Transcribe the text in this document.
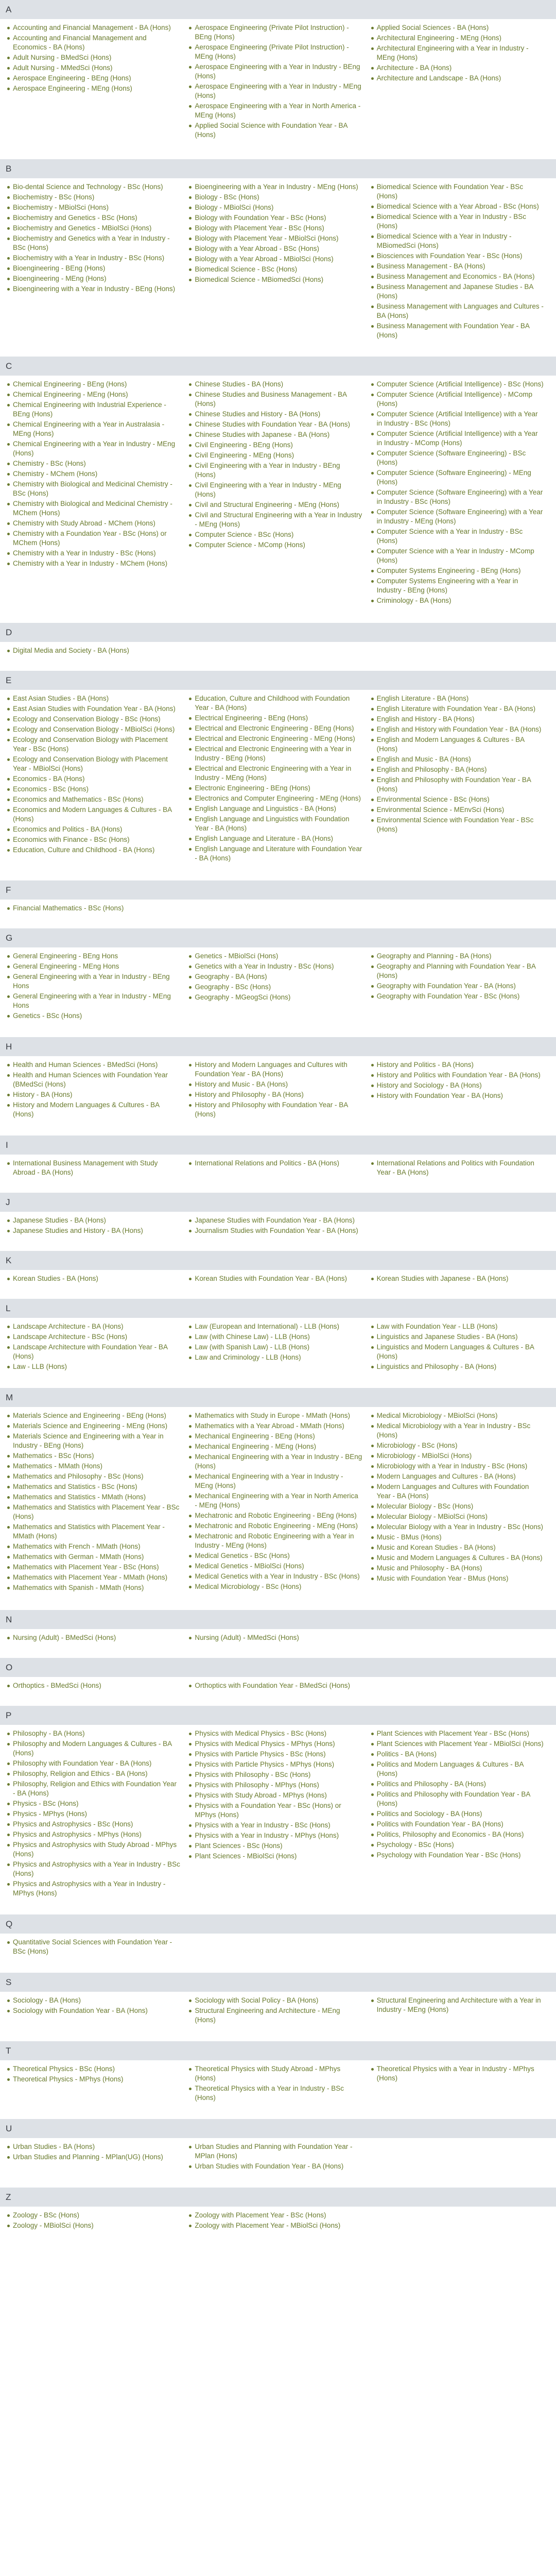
A
Accounting and Financial Management - BA (Hons)
Accounting and Financial Management and Economics - BA (Hons)
Adult Nursing - BMedSci (Hons)
Adult Nursing - MMedSci (Hons)
Aerospace Engineering - BEng (Hons)
Aerospace Engineering - MEng (Hons)
Aerospace Engineering (Private Pilot Instruction) - BEng (Hons)
Aerospace Engineering (Private Pilot Instruction) - MEng (Hons)
Aerospace Engineering with a Year in Industry - BEng (Hons)
Aerospace Engineering with a Year in Industry - MEng (Hons)
Aerospace Engineering with a Year in North America - MEng (Hons)
Applied Social Science with Foundation Year - BA (Hons)
Applied Social Sciences - BA (Hons)
Architectural Engineering - MEng (Hons)
Architectural Engineering with a Year in Industry - MEng (Hons)
Architecture - BA (Hons)
Architecture and Landscape - BA (Hons)
B
Bio-dental Science and Technology - BSc (Hons)
Biochemistry - BSc (Hons)
Biochemistry - MBiolSci (Hons)
Biochemistry and Genetics - BSc (Hons)
Biochemistry and Genetics - MBiolSci (Hons)
Biochemistry and Genetics with a Year in Industry - BSc (Hons)
Biochemistry with a Year in Industry - BSc (Hons)
Bioengineering - BEng (Hons)
Bioengineering - MEng (Hons)
Bioengineering with a Year in Industry - BEng (Hons)
Bioengineering with a Year in Industry - MEng (Hons)
Biology - BSc (Hons)
Biology - MBiolSci (Hons)
Biology with Foundation Year - BSc (Hons)
Biology with Placement Year - BSc (Hons)
Biology with Placement Year - MBiolSci (Hons)
Biology with a Year Abroad - BSc (Hons)
Biology with a Year Abroad - MBiolSci (Hons)
Biomedical Science - BSc (Hons)
Biomedical Science - MBiomedSci (Hons)
Biomedical Science with Foundation Year - BSc (Hons)
Biomedical Science with a Year Abroad - BSc (Hons)
Biomedical Science with a Year in Industry - BSc (Hons)
Biomedical Science with a Year in Industry - MBiomedSci (Hons)
Biosciences with Foundation Year - BSc (Hons)
Business Management - BA (Hons)
Business Management and Economics - BA (Hons)
Business Management and Japanese Studies - BA (Hons)
Business Management with Languages and Cultures - BA (Hons)
Business Management with Foundation Year - BA (Hons)
C
Chemical Engineering - BEng (Hons)
Chemical Engineering - MEng (Hons)
Chemical Engineering with Industrial Experience - BEng (Hons)
Chemical Engineering with a Year in Australasia - MEng (Hons)
Chemical Engineering with a Year in Industry - MEng (Hons)
Chemistry - BSc (Hons)
Chemistry - MChem (Hons)
Chemistry with Biological and Medicinal Chemistry - BSc (Hons)
Chemistry with Biological and Medicinal Chemistry - MChem (Hons)
Chemistry with Study Abroad - MChem (Hons)
Chemistry with a Foundation Year - BSc (Hons) or MChem (Hons)
Chemistry with a Year in Industry - BSc (Hons)
Chemistry with a Year in Industry - MChem (Hons)
Chinese Studies - BA (Hons)
Chinese Studies and Business Management - BA (Hons)
Chinese Studies and History - BA (Hons)
Chinese Studies with Foundation Year - BA (Hons)
Chinese Studies with Japanese - BA (Hons)
Civil Engineering - BEng (Hons)
Civil Engineering - MEng (Hons)
Civil Engineering with a Year in Industry - BEng (Hons)
Civil Engineering with a Year in Industry - MEng (Hons)
Civil and Structural Engineering - MEng (Hons)
Civil and Structural Engineering with a Year in Industry - MEng (Hons)
Computer Science - BSc (Hons)
Computer Science - MComp (Hons)
Computer Science (Artificial Intelligence) - BSc (Hons)
Computer Science (Artificial Intelligence) - MComp (Hons)
Computer Science (Artificial Intelligence) with a Year in Industry - BSc (Hons)
Computer Science (Artificial Intelligence) with a Year in Industry - MComp (Hons)
Computer Science (Software Engineering) - BSc (Hons)
Computer Science (Software Engineering) - MEng (Hons)
Computer Science (Software Engineering) with a Year in Industry - BSc (Hons)
Computer Science (Software Engineering) with a Year in Industry - MEng (Hons)
Computer Science with a Year in Industry - BSc (Hons)
Computer Science with a Year in Industry - MComp (Hons)
Computer Systems Engineering - BEng (Hons)
Computer Systems Engineering with a Year in Industry - BEng (Hons)
Criminology - BA (Hons)
D
Digital Media and Society - BA (Hons)
E
East Asian Studies - BA (Hons)
East Asian Studies with Foundation Year - BA (Hons)
Ecology and Conservation Biology - BSc (Hons)
Ecology and Conservation Biology - MBiolSci (Hons)
Ecology and Conservation Biology with Placement Year - BSc (Hons)
Ecology and Conservation Biology with Placement Year - MBiolSci (Hons)
Economics - BA (Hons)
Economics - BSc (Hons)
Economics and Mathematics - BSc (Hons)
Economics and Modern Languages & Cultures - BA (Hons)
Economics and Politics - BA (Hons)
Economics with Finance - BSc (Hons)
Education, Culture and Childhood - BA (Hons)
Education, Culture and Childhood with Foundation Year - BA (Hons)
Electrical Engineering - BEng (Hons)
Electrical and Electronic Engineering - BEng (Hons)
Electrical and Electronic Engineering - MEng (Hons)
Electrical and Electronic Engineering with a Year in Industry - BEng (Hons)
Electrical and Electronic Engineering with a Year in Industry - MEng (Hons)
Electronic Engineering - BEng (Hons)
Electronics and Computer Engineering - MEng (Hons)
English Language and Linguistics - BA (Hons)
English Language and Linguistics with Foundation Year - BA (Hons)
English Language and Literature - BA (Hons)
English Language and Literature with Foundation Year - BA (Hons)
English Literature - BA (Hons)
English Literature with Foundation Year - BA (Hons)
English and History - BA (Hons)
English and History with Foundation Year - BA (Hons)
English and Modern Languages & Cultures - BA (Hons)
English and Music - BA (Hons)
English and Philosophy - BA (Hons)
English and Philosophy with Foundation Year - BA (Hons)
Environmental Science - BSc (Hons)
Environmental Science - MEnvSci (Hons)
Environmental Science with Foundation Year - BSc (Hons)
F
Financial Mathematics - BSc (Hons)
G
General Engineering - BEng Hons
General Engineering - MEng Hons
General Engineering with a Year in Industry - BEng Hons
General Engineering with a Year in Industry - MEng Hons
Genetics - BSc (Hons)
Genetics - MBiolSci (Hons)
Genetics with a Year in Industry - BSc (Hons)
Geography - BA (Hons)
Geography - BSc (Hons)
Geography - MGeogSci (Hons)
Geography and Planning - BA (Hons)
Geography and Planning with Foundation Year - BA (Hons)
Geography with Foundation Year - BA (Hons)
Geography with Foundation Year - BSc (Hons)
H
Health and Human Sciences - BMedSci (Hons)
Health and Human Sciences with Foundation Year (BMedSci (Hons)
History - BA (Hons)
History and Modern Languages & Cultures - BA (Hons)
History and Modern Languages and Cultures with Foundation Year - BA (Hons)
History and Music - BA (Hons)
History and Philosophy - BA (Hons)
History and Philosophy with Foundation Year - BA (Hons)
History and Politics - BA (Hons)
History and Politics with Foundation Year - BA (Hons)
History and Sociology - BA (Hons)
History with Foundation Year - BA (Hons)
I
International Business Management with Study Abroad - BA (Hons)
International Relations and Politics - BA (Hons)	International Relations and Politics with Foundation Year - BA (Hons)
J
Japanese Studies - BA (Hons)
Japanese Studies and History - BA (Hons)
Japanese Studies with Foundation Year - BA (Hons)
Journalism Studies with Foundation Year - BA (Hons)
K
Korean Studies - BA (Hons)	Korean Studies with Foundation Year - BA (Hons)	Korean Studies with Japanese - BA (Hons)
L
Landscape Architecture - BA (Hons)
Landscape Architecture - BSc (Hons)
Landscape Architecture with Foundation Year - BA (Hons)
Law - LLB (Hons)
Law (European and International) - LLB (Hons)
Law (with Chinese Law) - LLB (Hons)
Law (with Spanish Law) - LLB (Hons)
Law and Criminology - LLB (Hons)
Law with Foundation Year - LLB (Hons)
Linguistics and Japanese Studies - BA (Hons)
Linguistics and Modern Languages & Cultures - BA (Hons)
Linguistics and Philosophy - BA (Hons)
M
Materials Science and Engineering - BEng (Hons)
Materials Science and Engineering - MEng (Hons)
Materials Science and Engineering with a Year in Industry - BEng (Hons)
Mathematics - BSc (Hons)
Mathematics - MMath (Hons)
Mathematics and Philosophy - BSc (Hons)
Mathematics and Statistics - BSc (Hons)
Mathematics and Statistics - MMath (Hons)
Mathematics and Statistics with Placement Year - BSc (Hons)
Mathematics and Statistics with Placement Year - MMath (Hons)
Mathematics with French - MMath (Hons)
Mathematics with German - MMath (Hons)
Mathematics with Placement Year - BSc (Hons)
Mathematics with Placement Year - MMath (Hons)
Mathematics with Spanish - MMath (Hons)
Mathematics with Study in Europe - MMath (Hons)
Mathematics with a Year Abroad - MMath (Hons)
Mechanical Engineering - BEng (Hons)
Mechanical Engineering - MEng (Hons)
Mechanical Engineering with a Year in Industry - BEng (Hons)
Mechanical Engineering with a Year in Industry - MEng (Hons)
Mechanical Engineering with a Year in North America - MEng (Hons)
Mechatronic and Robotic Engineering - BEng (Hons)
Mechatronic and Robotic Engineering - MEng (Hons)
Mechatronic and Robotic Engineering with a Year in Industry - MEng (Hons)
Medical Genetics - BSc (Hons)
Medical Genetics - MBiolSci (Hons)
Medical Genetics with a Year in Industry - BSc (Hons)
Medical Microbiology - BSc (Hons)
Medical Microbiology - MBiolSci (Hons)
Medical Microbiology with a Year in Industry - BSc (Hons)
Microbiology - BSc (Hons)
Microbiology - MBiolSci (Hons)
Microbiology with a Year in Industry - BSc (Hons)
Modern Languages and Cultures - BA (Hons)
Modern Languages and Cultures with Foundation Year - BA (Hons)
Molecular Biology - BSc (Hons)
Molecular Biology - MBiolSci (Hons)
Molecular Biology with a Year in Industry - BSc (Hons)
Music - BMus (Hons)
Music and Korean Studies - BA (Hons)
Music and Modern Languages & Cultures - BA (Hons)
Music and Philosophy - BA (Hons)
Music with Foundation Year - BMus (Hons)
N
Nursing (Adult) - BMedSci (Hons)	Nursing (Adult) - MMedSci (Hons)
O
Orthoptics - BMedSci (Hons)	Orthoptics with Foundation Year - BMedSci (Hons)
P
Philosophy - BA (Hons)
Philosophy and Modern Languages & Cultures - BA (Hons)
Philosophy with Foundation Year - BA (Hons)
Philosophy, Religion and Ethics - BA (Hons)
Philosophy, Religion and Ethics with Foundation Year - BA (Hons)
Physics - BSc (Hons)
Physics - MPhys (Hons)
Physics and Astrophysics - BSc (Hons)
Physics and Astrophysics - MPhys (Hons)
Physics and Astrophysics with Study Abroad - MPhys (Hons)
Physics and Astrophysics with a Year in Industry - BSc (Hons)
Physics and Astrophysics with a Year in Industry - MPhys (Hons)
Physics with Medical Physics - BSc (Hons)
Physics with Medical Physics - MPhys (Hons)
Physics with Particle Physics - BSc (Hons)
Physics with Particle Physics - MPhys (Hons)
Physics with Philosophy - BSc (Hons)
Physics with Philosophy - MPhys (Hons)
Physics with Study Abroad - MPhys (Hons)
Physics with a Foundation Year - BSc (Hons) or MPhys (Hons)
Physics with a Year in Industry - BSc (Hons)
Physics with a Year in Industry - MPhys (Hons)
Plant Sciences - BSc (Hons)
Plant Sciences - MBiolSci (Hons)
Plant Sciences with Placement Year - BSc (Hons)
Plant Sciences with Placement Year - MBiolSci (Hons)
Politics - BA (Hons)
Politics and Modern Languages & Cultures - BA (Hons)
Politics and Philosophy - BA (Hons)
Politics and Philosophy with Foundation Year - BA (Hons)
Politics and Sociology - BA (Hons)
Politics with Foundation Year - BA (Hons)
Politics, Philosophy and Economics - BA (Hons)
Psychology - BSc (Hons)
Psychology with Foundation Year - BSc (Hons)
Q
Quantitative Social Sciences with Foundation Year - BSc (Hons)
S
Sociology - BA (Hons)
Sociology with Foundation Year - BA (Hons)
Sociology with Social Policy - BA (Hons)
Structural Engineering and Architecture - MEng (Hons)
Structural Engineering and Architecture with a Year in Industry - MEng (Hons)
T
Theoretical Physics - BSc (Hons)
Theoretical Physics - MPhys (Hons)
Theoretical Physics with Study Abroad - MPhys (Hons)
Theoretical Physics with a Year in Industry - BSc (Hons)
Theoretical Physics with a Year in Industry - MPhys (Hons)
U
Urban Studies - BA (Hons)
Urban Studies and Planning - MPlan(UG) (Hons)
Urban Studies and Planning with Foundation Year - MPlan (Hons)
Urban Studies with Foundation Year - BA (Hons)
Z
Zoology - BSc (Hons)
Zoology - MBiolSci (Hons)
Zoology with Placement Year - BSc (Hons)
Zoology with Placement Year - MBiolSci (Hons)
